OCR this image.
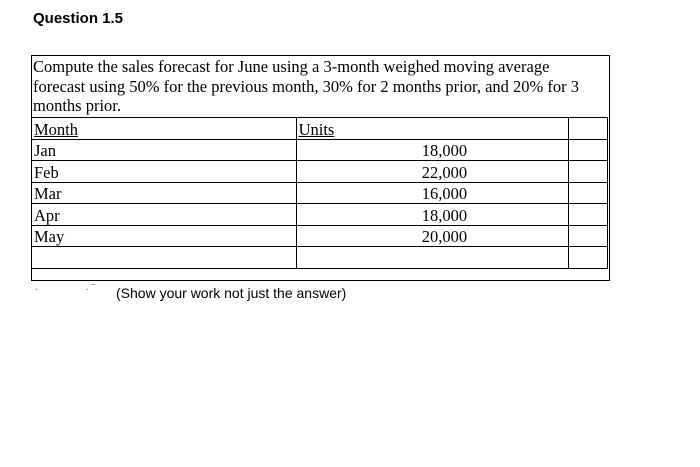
Question 1.5

Compute the sales forecast for June using a 3-month weighed moving average forecast using 50% for the previous month, 30% for 2 months prior, and 20% for 3 months prior.

Month	Units	
Jan	18,000	
Feb	22,000	
Mar	16,000	
Apr	18,000	
May	20,000	

·                 · ‾ (Show your work not just the answer)
